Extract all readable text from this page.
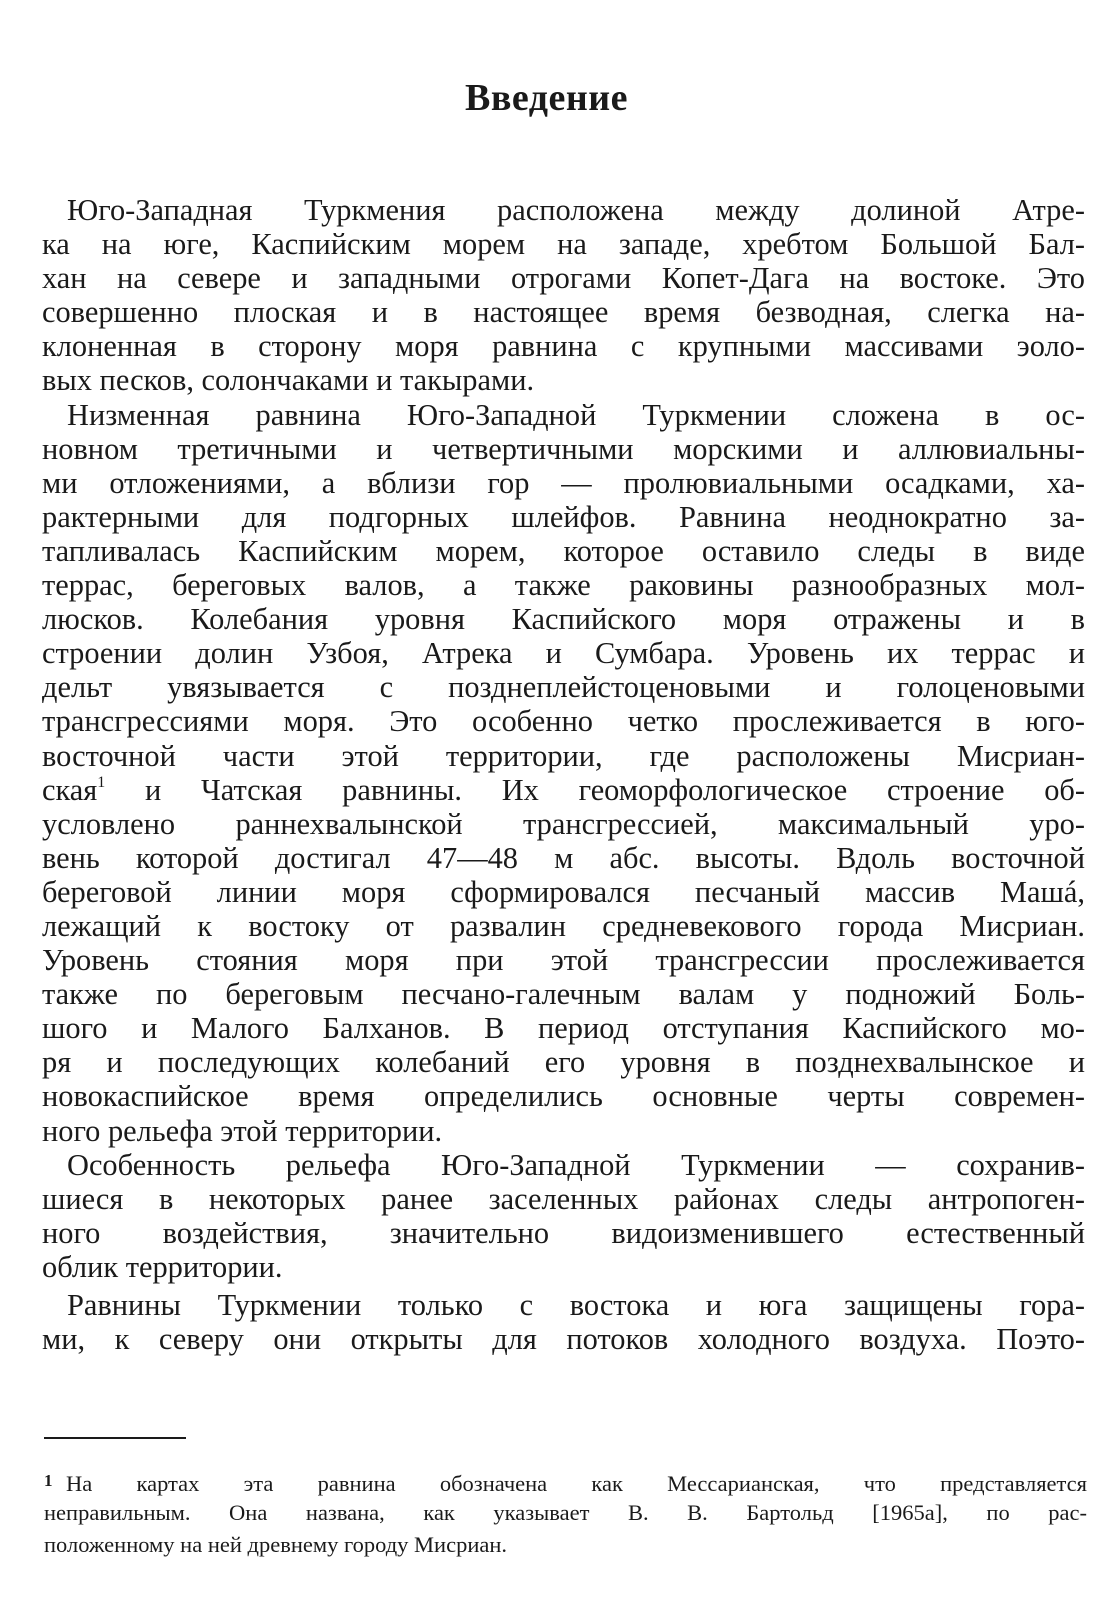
Введение
Юго-Западная Туркмения расположена между долиной Атре-
ка на юге, Каспийским морем на западе, хребтом Большой Бал-
хан на севере и западными отрогами Копет-Дага на востоке. Это
совершенно плоская и в настоящее время безводная, слегка на-
клоненная в сторону моря равнина с крупными массивами эоло-
вых песков, солончаками и такырами.
Низменная равнина Юго-Западной Туркмении сложена в ос-
новном третичными и четвертичными морскими и аллювиальны-
ми отложениями, а вблизи гор — пролювиальными осадками, ха-
рактерными для подгорных шлейфов. Равнина неоднократно за-
тапливалась Каспийским морем, которое оставило следы в виде
террас, береговых валов, а также раковины разнообразных мол-
люсков. Колебания уровня Каспийского моря отражены и в
строении долин Узбоя, Атрека и Сумбара. Уровень их террас и
дельт увязывается с позднеплейстоценовыми и голоценовыми
трансгрессиями моря. Это особенно четко прослеживается в юго-
восточной части этой территории, где расположены Мисриан-
ская$^1$ и Чатская равнины. Их геоморфологическое строение об-
условлено раннехвалынской трансгрессией, максимальный уро-
вень которой достигал 47—48 м абс. высоты. Вдоль восточной
береговой линии моря сформировался песчаный массив Машá,
лежащий к востоку от развалин средневекового города Мисриан.
Уровень стояния моря при этой трансгрессии прослеживается
также по береговым песчано-галечным валам у подножий Боль-
шого и Малого Балханов. В период отступания Каспийского мо-
ря и последующих колебаний его уровня в позднехвалынское и
новокаспийское время определились основные черты современ-
ного рельефа этой территории.
Особенность рельефа Юго-Западной Туркмении — сохранив-
шиеся в некоторых ранее заселенных районах следы антропоген-
ного воздействия, значительно видоизменившего естественный
облик территории.
Равнины Туркмении только с востока и юга защищены гора-
ми, к северу они открыты для потоков холодного воздуха. Поэто-
1 На картах эта равнина обозначена как Мессарианская, что представляется
неправильным. Она названа, как указывает В. В. Бартольд [1965а], по рас-
положенному на ней древнему городу Мисриан.
